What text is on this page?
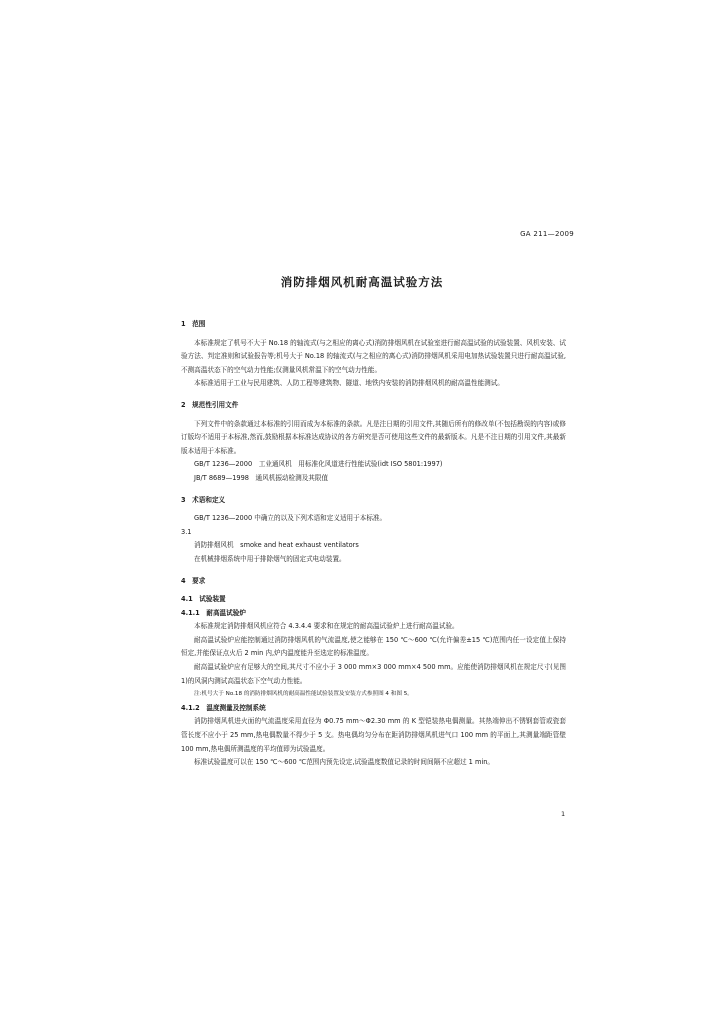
GA 211—2009
消防排烟风机耐高温试验方法

1　范围

本标准规定了机号不大于 No.18 的轴流式(与之相应的离心式)消防排烟风机在试验室进行耐高温试验的试验装置、风机安装、试验方法、判定准则和试验报告等;机号大于 No.18 的轴流式(与之相应的离心式)消防排烟风机采用电加热试验装置只进行耐高温试验,不测高温状态下的空气动力性能;仅测量风机常温下的空气动力性能。

本标准适用于工业与民用建筑、人防工程等建筑物、隧道、地铁内安装的消防排烟风机的耐高温性能测试。

2　规范性引用文件

下列文件中的条款通过本标准的引用而成为本标准的条款。凡是注日期的引用文件,其随后所有的修改单(不包括勘误的内容)或修订版均不适用于本标准,然而,鼓励根据本标准达成协议的各方研究是否可使用这些文件的最新版本。凡是不注日期的引用文件,其最新版本适用于本标准。

GB/T 1236—2000　工业通风机　用标准化风道进行性能试验(idt ISO 5801:1997)

JB/T 8689—1998　通风机振动检测及其限值

3　术语和定义

GB/T 1236—2000 中确立的以及下列术语和定义适用于本标准。

3.1

消防排烟风机　smoke and heat exhaust ventilators

在机械排烟系统中用于排除烟气的固定式电动装置。

4　要求

4.1　试验装置

4.1.1　耐高温试验炉

本标准规定消防排烟风机应符合 4.3.4.4 要求和在规定的耐高温试验炉上进行耐高温试验。

耐高温试验炉应能控制通过消防排烟风机的气流温度,使之能够在 150 ℃～600 ℃(允许偏差±15 ℃)范围内任一设定值上保持恒定,并能保证点火后 2 min 内,炉内温度能升至选定的标准温度。

耐高温试验炉应有足够大的空间,其尺寸不应小于 3 000 mm×3 000 mm×4 500 mm。应能使消防排烟风机在规定尺寸(见图 1)的风洞内测试高温状态下空气动力性能。

注:机号大于 No.18 的消防排烟风机的耐高温性能试验装置及安装方式参照图 4 和图 5。

4.1.2　温度测量及控制系统

消防排烟风机进火面的气流温度采用直径为 Φ0.75 mm～Φ2.30 mm 的 K 型铠装热电偶测量。其热端伸出不锈钢套管或瓷套管长度不应小于 25 mm,热电偶数量不得少于 5 支。热电偶均匀分布在距消防排烟风机进气口 100 mm 的平面上,其测量端距管壁 100 mm,热电偶所测温度的平均值即为试验温度。

标准试验温度可以在 150 ℃～600 ℃范围内预先设定,试验温度数值记录的时间间隔不应超过 1 min。

1
